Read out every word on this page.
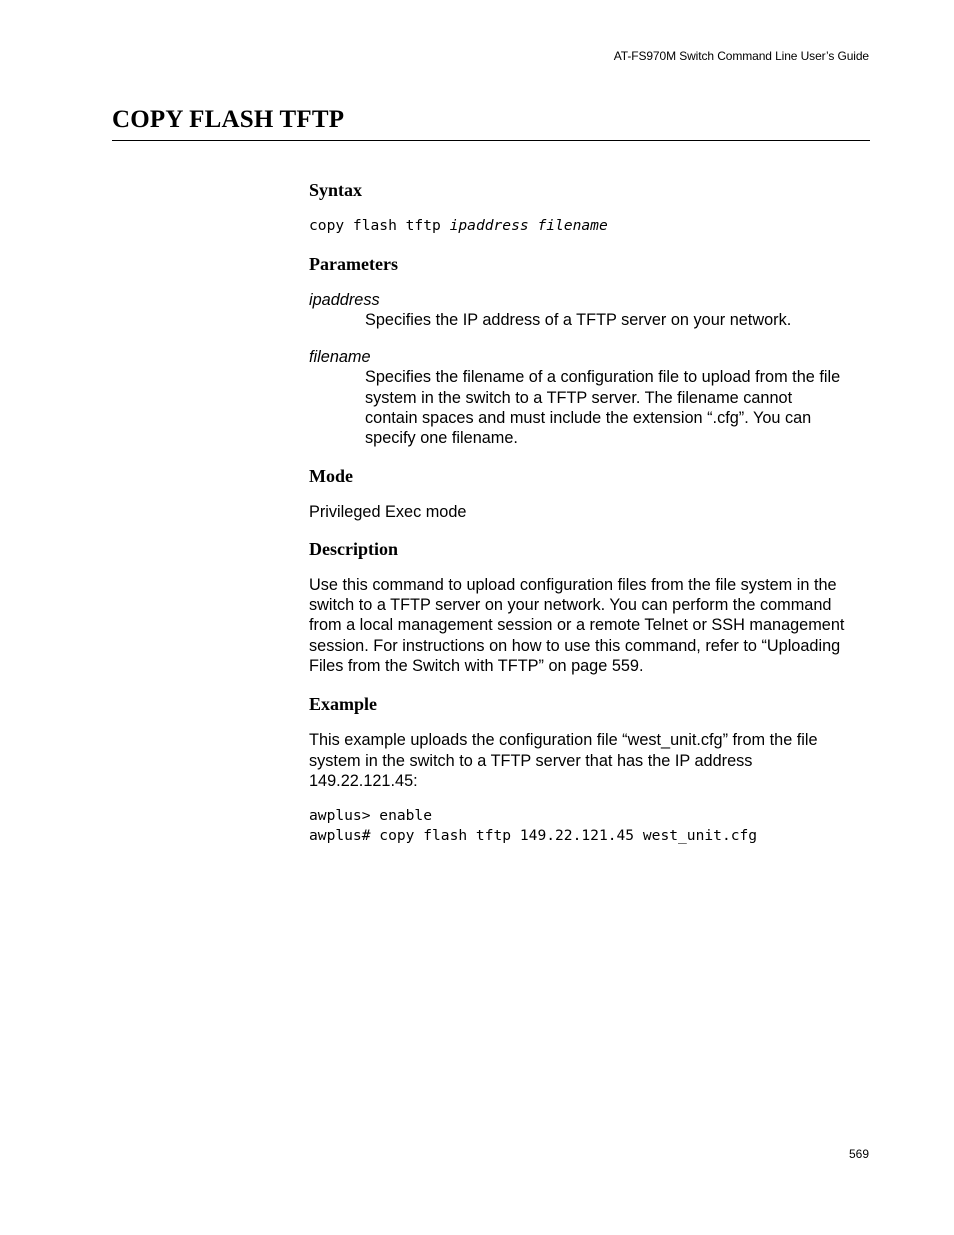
AT-FS970M Switch Command Line User’s Guide
COPY FLASH TFTP
Syntax

copy flash tftp ipaddress filename

Parameters

ipaddress

Specifies the IP address of a TFTP server on your network.

filename

Specifies the filename of a configuration file to upload from the file
system in the switch to a TFTP server. The filename cannot
contain spaces and must include the extension “.cfg”. You can
specify one filename.
Mode

Privileged Exec mode

Description
Use this command to upload configuration files from the file system in the
switch to a TFTP server on your network. You can perform the command
from a local management session or a remote Telnet or SSH management
session. For instructions on how to use this command, refer to “Uploading
Files from the Switch with TFTP” on page 559.
Example
This example uploads the configuration file “west_unit.cfg” from the file
system in the switch to a TFTP server that has the IP address
149.22.121.45:
awplus> enable
awplus# copy flash tftp 149.22.121.45 west_unit.cfg
569
